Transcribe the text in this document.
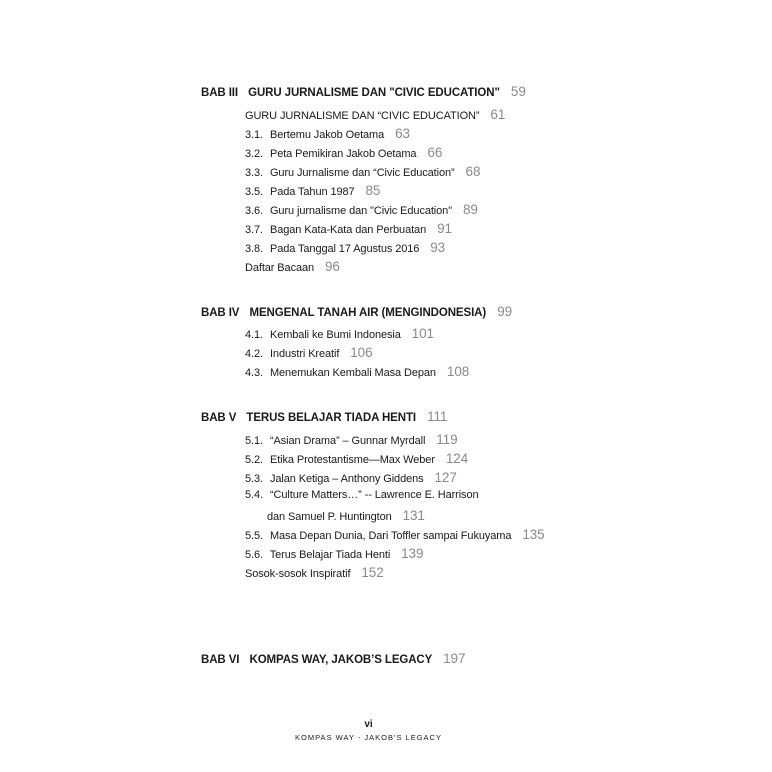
BAB III GURU JURNALISME DAN "CIVIC EDUCATION" 59
GURU JURNALISME DAN “CIVIC EDUCATION” 61
3.1. Bertemu Jakob Oetama 63
3.2. Peta Pemikiran Jakob Oetama 66
3.3. Guru Jurnalisme dan “Civic Education” 68
3.5. Pada Tahun 1987 85
3.6. Guru jurnalisme dan "Civic Education" 89
3.7. Bagan Kata-Kata dan Perbuatan 91
3.8. Pada Tanggal 17 Agustus 2016 93
Daftar Bacaan 96
BAB IV MENGENAL TANAH AIR (MENGINDONESIA) 99
4.1. Kembali ke Bumi Indonesia 101
4.2. Industri Kreatif 106
4.3. Menemukan Kembali Masa Depan 108
BAB V TERUS BELAJAR TIADA HENTI 111
5.1. “Asian Drama” – Gunnar Myrdall 119
5.2. Etika Protestantisme—Max Weber 124
5.3. Jalan Ketiga – Anthony Giddens 127
5.4. “Culture Matters…” -- Lawrence E. Harrison
dan Samuel P. Huntington 131
5.5. Masa Depan Dunia, Dari Toffler sampai Fukuyama 135
5.6. Terus Belajar Tiada Henti 139
Sosok-sosok Inspiratif 152
BAB VI KOMPAS WAY, JAKOB’S LEGACY 197
vi
KOMPAS WAY - JAKOB'S LEGACY
